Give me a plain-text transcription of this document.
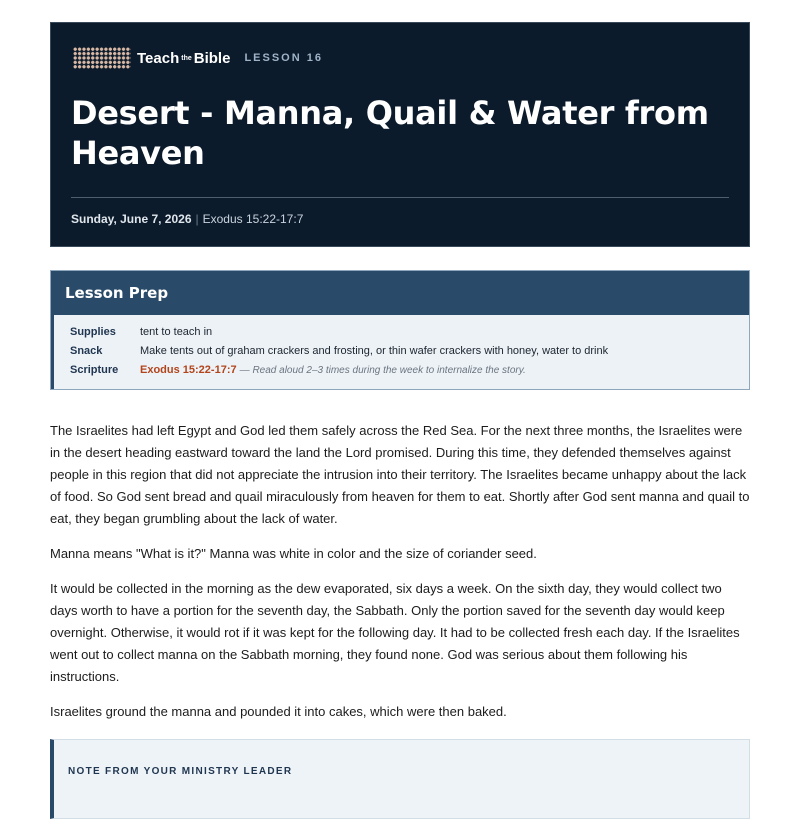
Teach the Bible LESSON 16
Desert - Manna, Quail & Water from Heaven
Sunday, June 7, 2026 | Exodus 15:22-17:7
Lesson Prep
Supplies tent to teach in
Snack	Make tents out of graham crackers and frosting, or thin wafer crackers with honey, water to drink
Scripture Exodus 15:22-17:7 — Read aloud 2–3 times during the week to internalize the story.

The Israelites had left Egypt and God led them safely across the Red Sea. For the next three months, the Israelites were in the desert heading eastward toward the land the Lord promised. During this time, they defended themselves against people in this region that did not appreciate the intrusion into their territory. The Israelites became unhappy about the lack of food. So God sent bread and quail miraculously from heaven for them to eat. Shortly after God sent manna and quail to eat, they began grumbling about the lack of water.

Manna means "What is it?" Manna was white in color and the size of coriander seed.

It would be collected in the morning as the dew evaporated, six days a week. On the sixth day, they would collect two days worth to have a portion for the seventh day, the Sabbath. Only the portion saved for the seventh day would keep overnight. Otherwise, it would rot if it was kept for the following day. It had to be collected fresh each day. If the Israelites went out to collect manna on the Sabbath morning, they found none. God was serious about them following his instructions.

Israelites ground the manna and pounded it into cakes, which were then baked.

NOTE FROM YOUR MINISTRY LEADER
